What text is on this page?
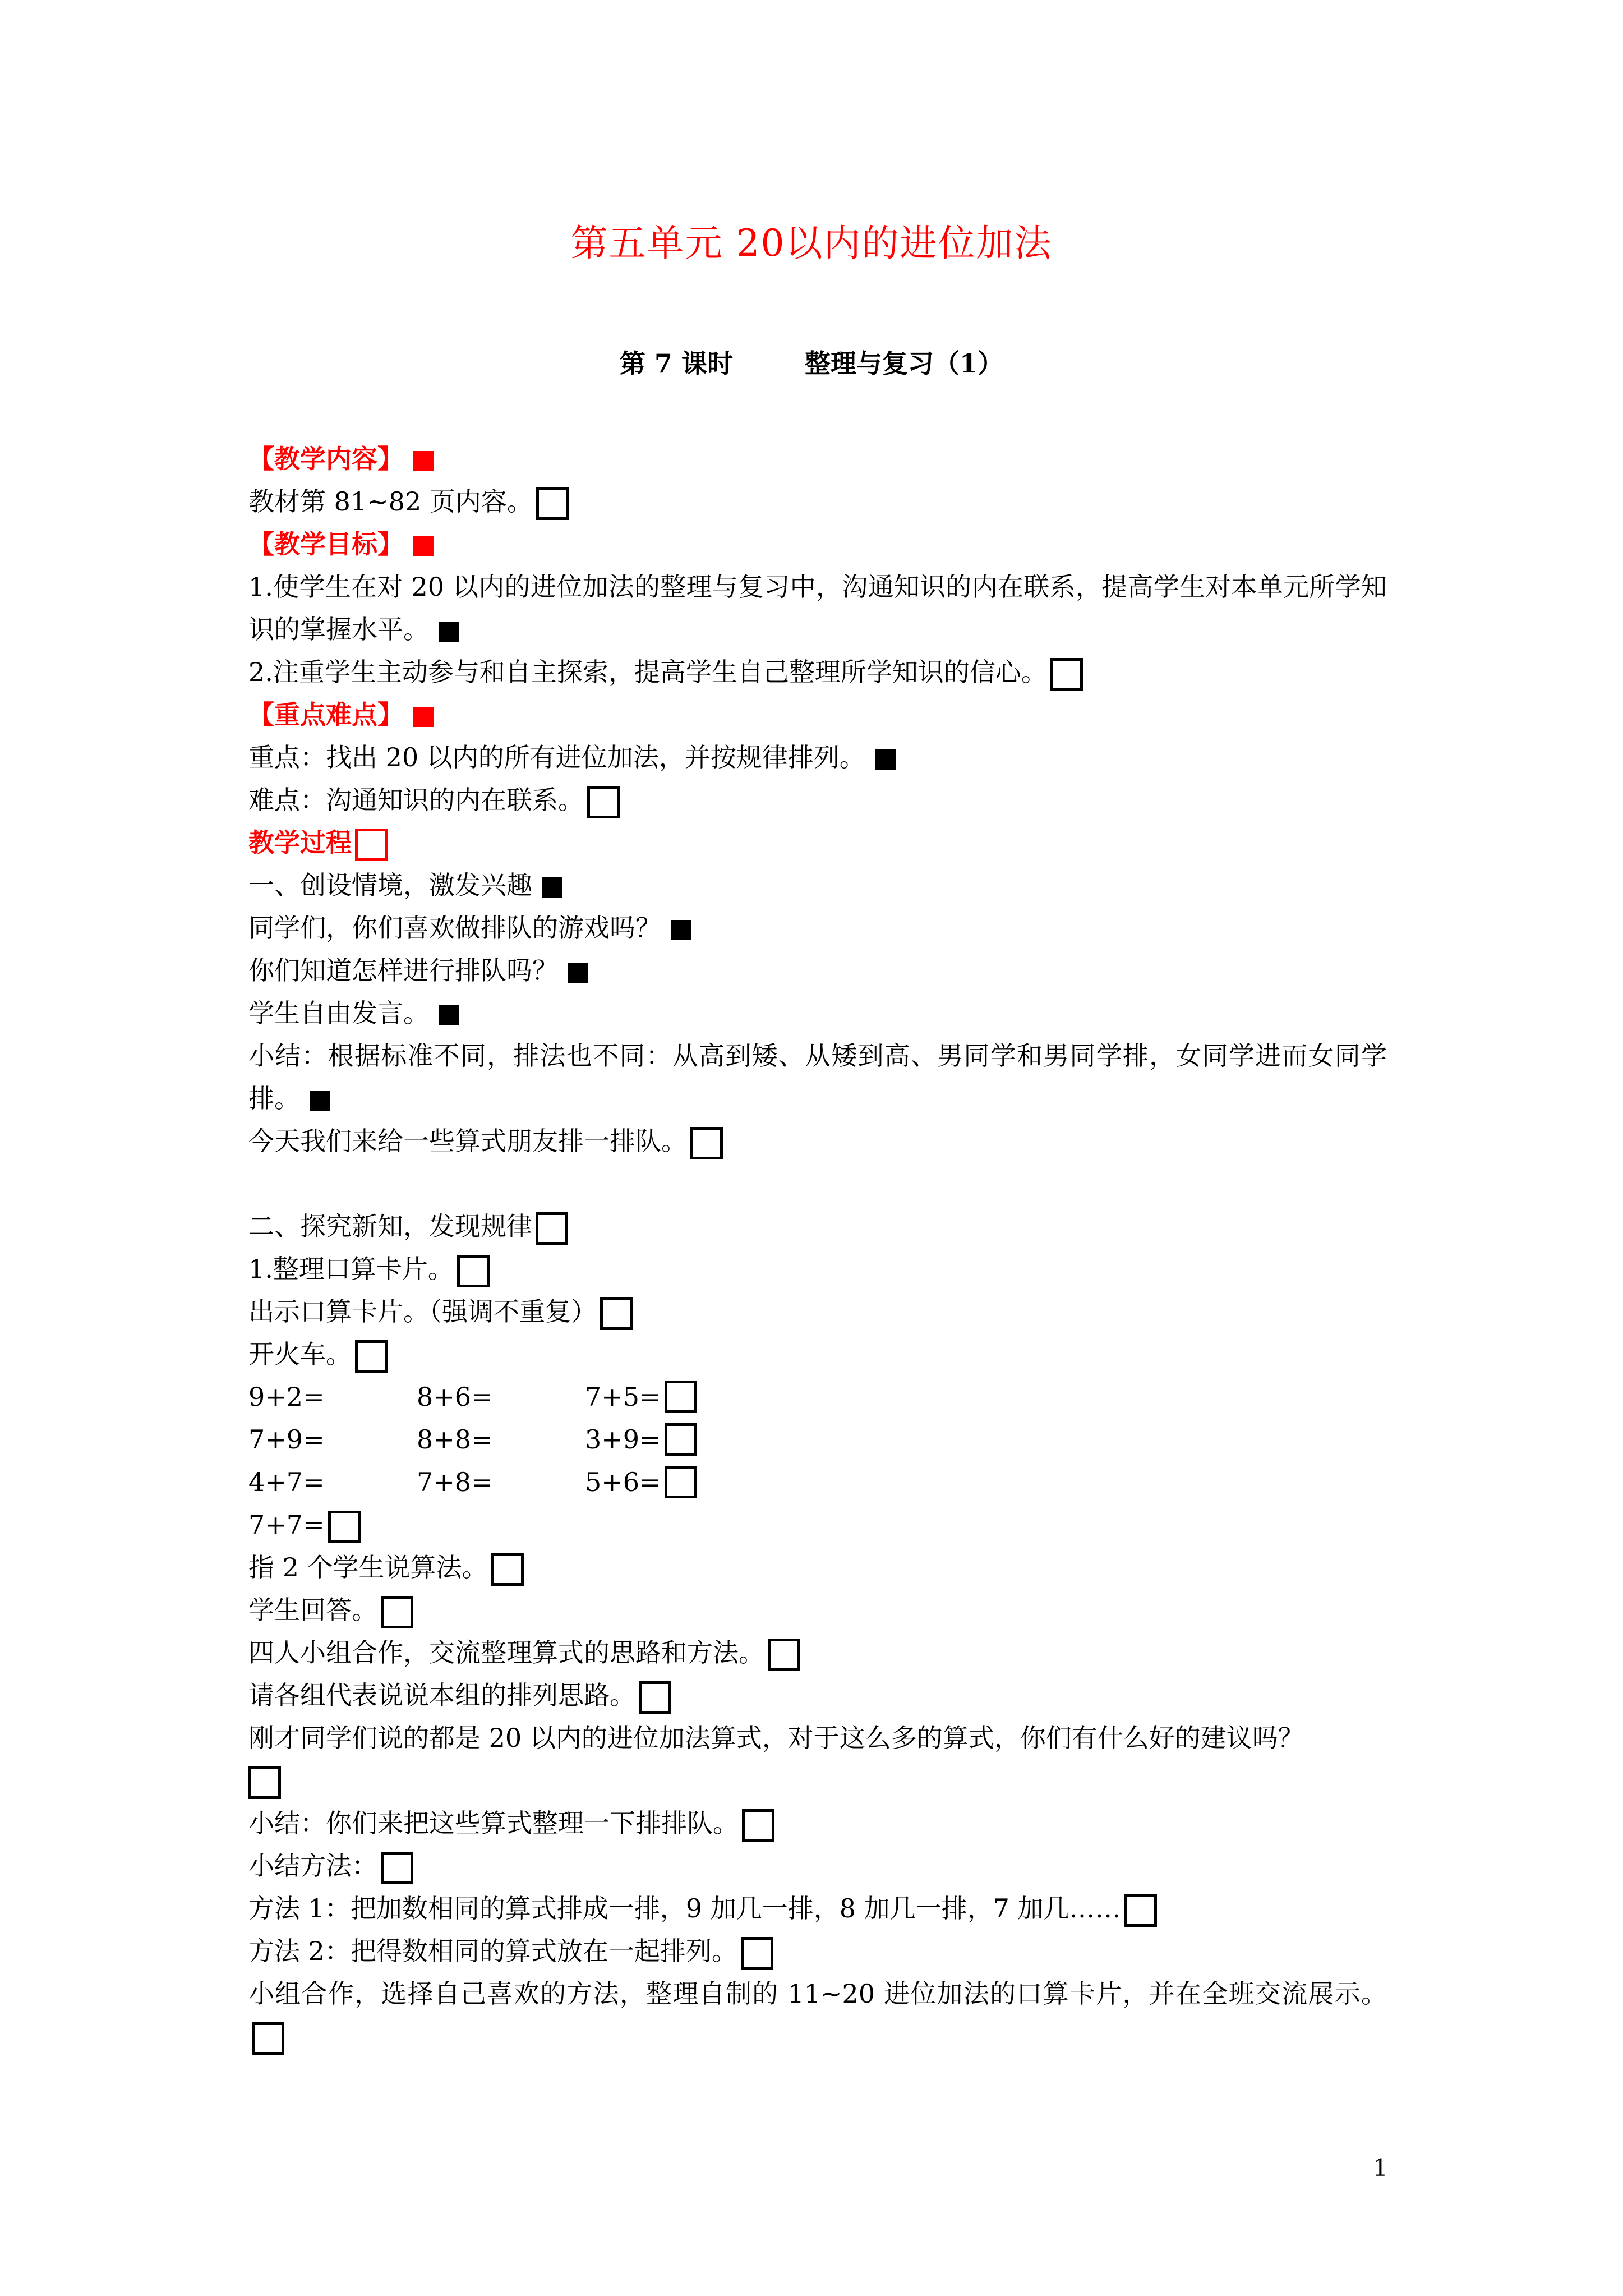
第五单元 20以内的进位加法
第 7 课时        整理与复习（1）
【教学内容】
教材第 81~82 页内容。
【教学目标】
1.使学生在对 20 以内的进位加法的整理与复习中，沟通知识的内在联系，提高学生对本单元所学知识的掌握水平。
2.注重学生主动参与和自主探索，提高学生自己整理所学知识的信心。
【重点难点】
重点：找出 20 以内的所有进位加法，并按规律排列。
难点：沟通知识的内在联系。
教学过程
一、创设情境，激发兴趣
同学们，你们喜欢做排队的游戏吗？
你们知道怎样进行排队吗？
学生自由发言。
小结：根据标准不同，排法也不同：从高到矮、从矮到高、男同学和男同学排，女同学进而女同学排。
今天我们来给一些算式朋友排一排队。
二、探究新知，发现规律
1.整理口算卡片。
出示口算卡片。（强调不重复）
开火车。
9+2=	8+6=	7+5=
7+9=	8+8=	3+9=
4+7=	7+8=	5+6=
7+7=
指 2 个学生说算法。
学生回答。
四人小组合作，交流整理算式的思路和方法。
请各组代表说说本组的排列思路。
刚才同学们说的都是 20 以内的进位加法算式，对于这么多的算式，你们有什么好的建议吗？
小结：你们来把这些算式整理一下排排队。
小结方法：
方法 1：把加数相同的算式排成一排，9 加几一排，8 加几一排，7 加几……
方法 2：把得数相同的算式放在一起排列。
小组合作，选择自己喜欢的方法，整理自制的 11~20 进位加法的口算卡片，并在全班交流展示。
1
